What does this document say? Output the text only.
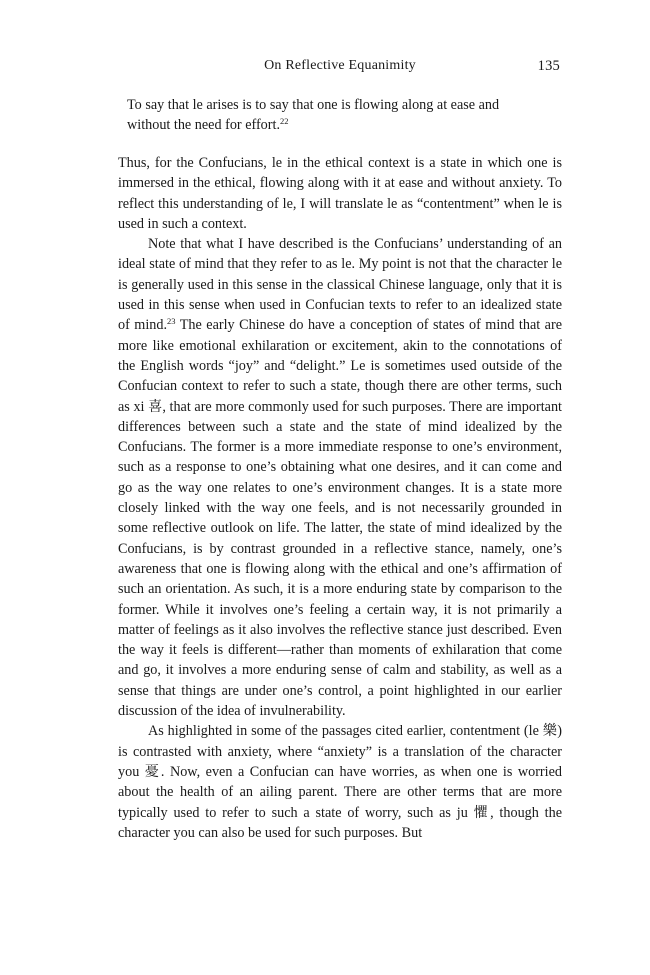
On Reflective Equanimity	135
To say that le arises is to say that one is flowing along at ease and without the need for effort.$^{22}$

Thus, for the Confucians, le in the ethical context is a state in which one is immersed in the ethical, flowing along with it at ease and without anxiety. To reflect this understanding of le, I will translate le as “contentment” when le is used in such a context.

Note that what I have described is the Confucians’ understanding of an ideal state of mind that they refer to as le. My point is not that the character le is generally used in this sense in the classical Chinese language, only that it is used in this sense when used in Confucian texts to refer to an idealized state of mind.$^{23}$ The early Chinese do have a conception of states of mind that are more like emotional exhilaration or excitement, akin to the connotations of the English words “joy” and “delight.” Le is sometimes used outside of the Confucian context to refer to such a state, though there are other terms, such as xi 喜, that are more commonly used for such purposes. There are important differences between such a state and the state of mind idealized by the Confucians. The former is a more immediate response to one’s environment, such as a response to one’s obtaining what one desires, and it can come and go as the way one relates to one’s environment changes. It is a state more closely linked with the way one feels, and is not necessarily grounded in some reflective outlook on life. The latter, the state of mind idealized by the Confucians, is by contrast grounded in a reflective stance, namely, one’s awareness that one is flowing along with the ethical and one’s affirmation of such an orientation. As such, it is a more enduring state by comparison to the former. While it involves one’s feeling a certain way, it is not primarily a matter of feelings as it also involves the reflective stance just described. Even the way it feels is different—rather than moments of exhilaration that come and go, it involves a more enduring sense of calm and stability, as well as a sense that things are under one’s control, a point highlighted in our earlier discussion of the idea of invulnerability.

As highlighted in some of the passages cited earlier, contentment (le 樂) is contrasted with anxiety, where “anxiety” is a translation of the character you 憂. Now, even a Confucian can have worries, as when one is worried about the health of an ailing parent. There are other terms that are more typically used to refer to such a state of worry, such as ju 懼, though the character you can also be used for such purposes. But
